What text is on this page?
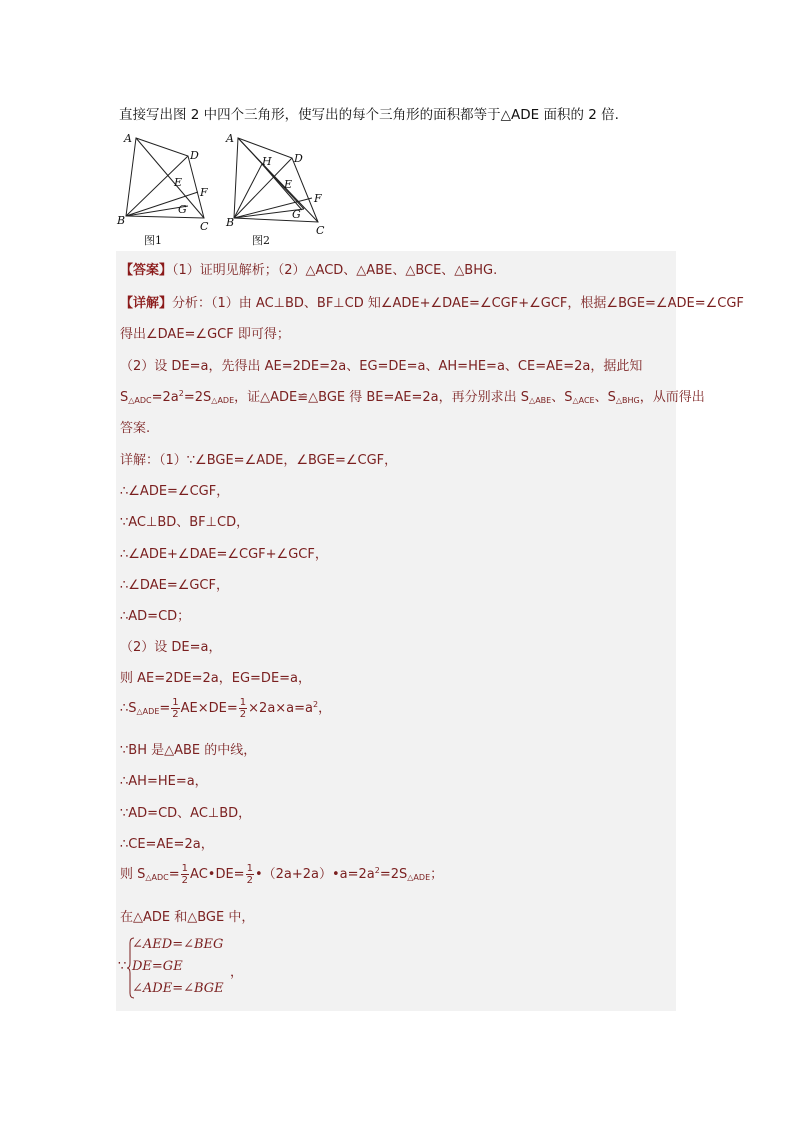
直接写出图 2 中四个三角形，使写出的每个三角形的面积都等于△ADE 面积的 2 倍.
A
D
E
F
G
B	C
图1
A
H D
E
F
G
B
C
图2
【答案】（1）证明见解析；（2）△ACD、△ABE、△BCE、△BHG.
【详解】分析：（1）由 AC⊥BD、BF⊥CD 知∠ADE+∠DAE=∠CGF+∠GCF，根据∠BGE=∠ADE=∠CGF
得出∠DAE=∠GCF 即可得；
（2）设 DE=a，先得出 AE=2DE=2a、EG=DE=a、AH=HE=a、CE=AE=2a，据此知
$S_{\triangle ADC}=2a^2=2S_{\triangle ADE}$，证△ADE≌△BGE 得 BE=AE=2a，再分别求出 $S_{\triangle ABE}$、$S_{\triangle ACE}$、$S_{\triangle BHG}$，从而得出
答案.
详解：（1）∵∠BGE=∠ADE，∠BGE=∠CGF，
∴∠ADE=∠CGF，
∵AC⊥BD、BF⊥CD，
∴∠ADE+∠DAE=∠CGF+∠GCF，
∴∠DAE=∠GCF，
∴AD=CD；
（2）设 DE=a，
则 AE=2DE=2a，EG=DE=a，
$\therefore S_{\triangle ADE}= \frac{1}{2} AE\times DE= \frac{1}{2} \times 2a\times a=a^2$，
∵BH 是△ABE 的中线，
∴AH=HE=a，
∵AD=CD、AC⊥BD，
∴CE=AE=2a，
则 $S_{\triangle ADC}= \frac{1}{2}$ AC•DE= $\frac{1}{2}$ $•(2a+2a)•a=2a^2=2S_{\triangle ADE}$；
在△ADE 和△BGE 中，
∵
∠AED=∠BEG
DE=GE
∠ADE=∠BGE
，
